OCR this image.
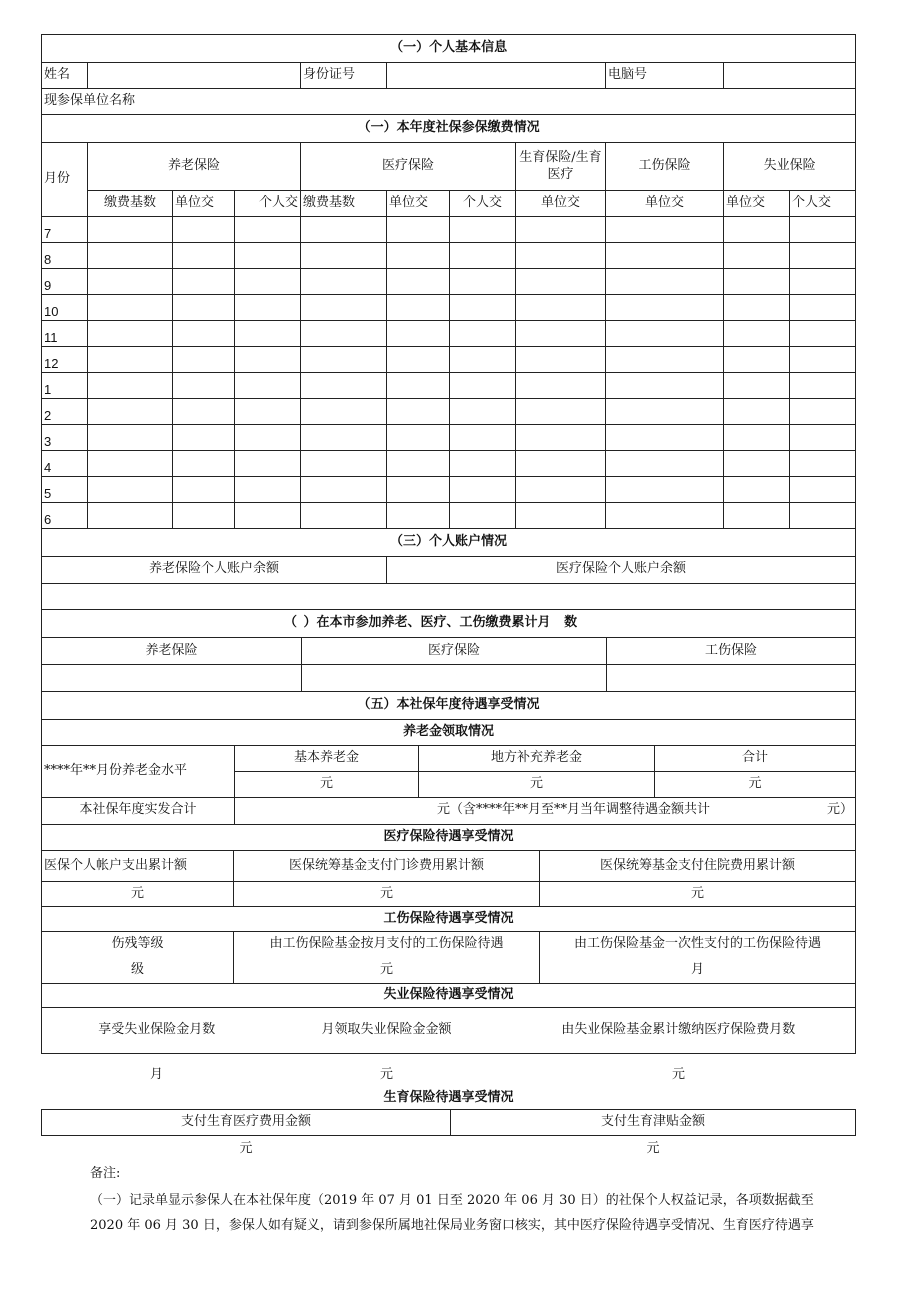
（一）个人基本信息										
姓名				身份证号				电脑号		
现参保单位名称										
（一）本年度社保参保缴费情况										
月份	养老保险			医疗保险			生育保险/生育医疗	工伤保险	失业保险	
	缴费基数	单位交	个人交	缴费基数	单位交	个人交	单位交	单位交	单位交	个人交
7										
8										
9										
10										
11										
12										
1										
2										
3										
4										
5										
6										
（三）个人账户情况
养老保险个人账户余额	医疗保险个人账户余额

	（	）在本市参加养老、医疗、工伤缴费累计月 数	
养老保险		医疗保险	工伤保险

（五）本社保年度待遇享受情况			
养老金领取情况			
****年**月份养老金水平	基本养老金	地方补充养老金	合计
	元	元	元
本社保年度实发合计	元（含****年**月至**月当年调整待遇金额共计 元）		
医疗保险待遇享受情况		
医保个人帐户支出累计额	医保统筹基金支付门诊费用累计额	医保统筹基金支付住院费用累计额
元	元	元
工伤保险待遇享受情况		
伤残等级	由工伤保险基金按月支付的工伤保险待遇	由工伤保险基金一次性支付的工伤保险待遇
级	元	月
失业保险待遇享受情况		
享受失业保险金月数	月领取失业保险金金额	由失业保险基金累计缴纳医疗保险费月数

月	元	元
生育保险待遇享受情况	
支付生育医疗费用金额	支付生育津贴金额
元	元

备注:

（一）记录单显示参保人在本社保年度（2019 年 07 月 01 日至 2020 年 06 月 30 日）的社保个人权益记录，各项数据截至

2020 年 06 月 30 日，参保人如有疑义，请到参保所属地社保局业务窗口核实，其中医疗保险待遇享受情况、生育医疗待遇享
